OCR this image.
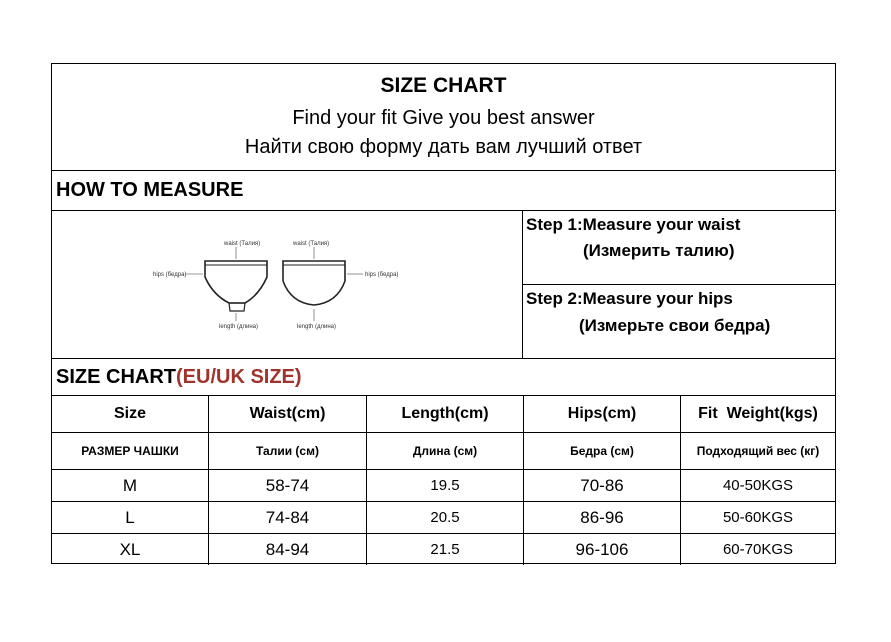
SIZE CHART
Find your fit Give you best answer
Найти свою форму дать вам лучший ответ
HOW TO MEASURE
waist (Талия)	waist (Талия)
hips (бедра)	hips (бедра)
length (длина)	length (длина)
Step 1:Measure your waist
(Измерить талию)
Step 2:Measure your hips
(Измерьте свои бедра)
SIZE CHART(EU/UK SIZE)
Size	Waist(cm)	Length(cm)	Hips(cm)	Fit  Weight(kgs)
РАЗМЕР ЧАШКИ	Талии (см)	Длина (см)	Бедра (см)	Подходящий вес (кг)
M	58-74	19.5	70-86	40-50KGS
L	74-84	20.5	86-96	50-60KGS
XL	84-94	21.5	96-106	60-70KGS
